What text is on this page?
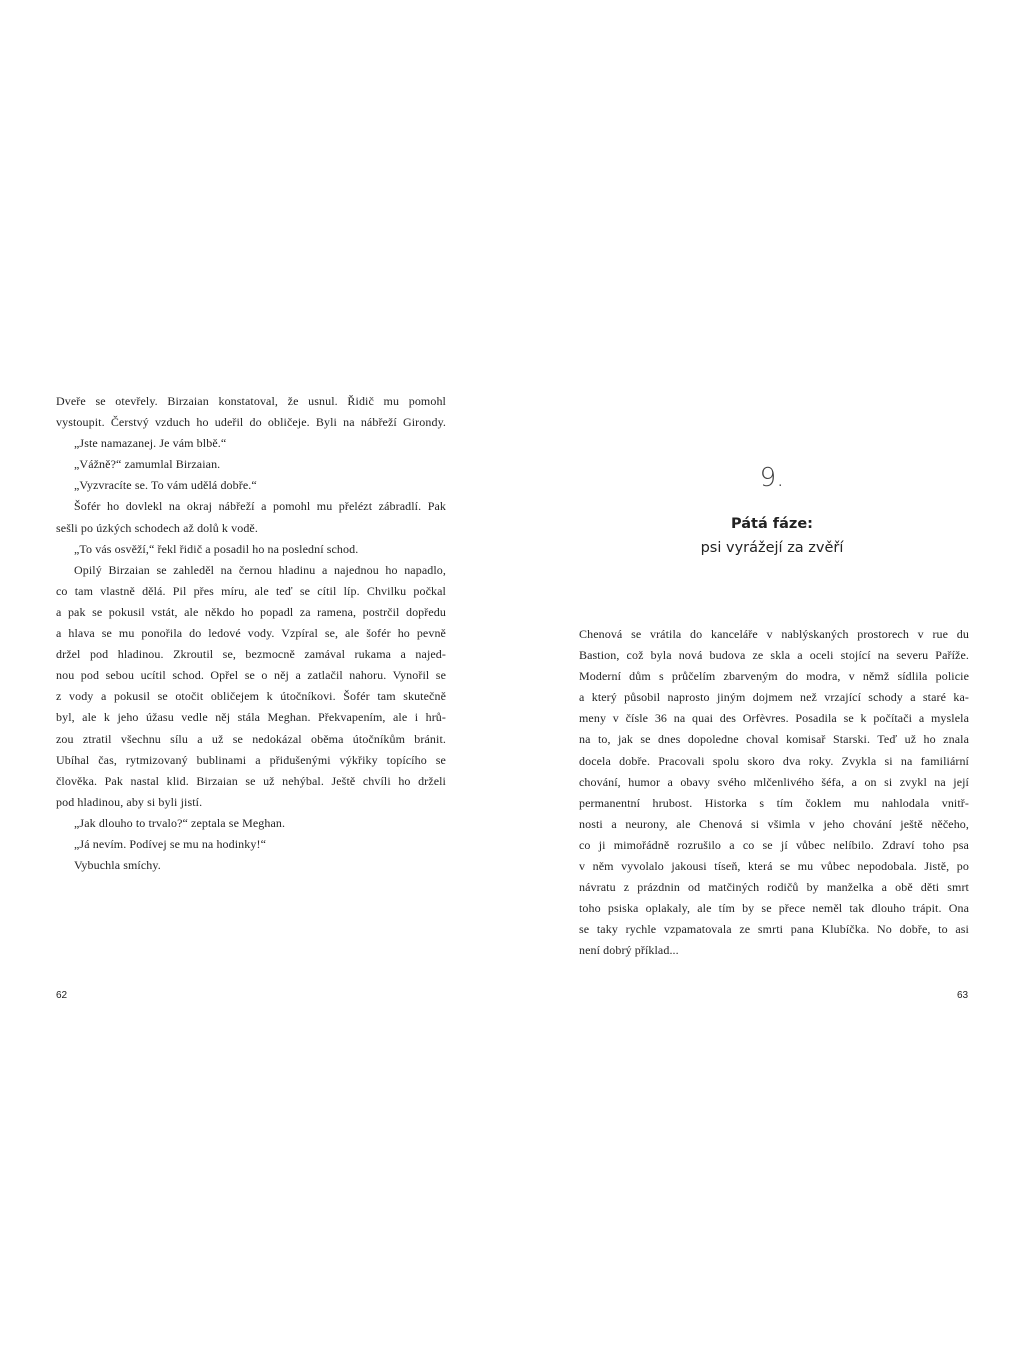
Dveře se otevřely. Birzaian konstatoval, že usnul. Řidič mu pomohl
vystoupit. Čerstvý vzduch ho udeřil do obličeje. Byli na nábřeží Girondy.
„Jste namazanej. Je vám blbě.“
„Vážně?“ zamumlal Birzaian.
„Vyzvracíte se. To vám udělá dobře.“
Šofér ho dovlekl na okraj nábřeží a pomohl mu přelézt zábradlí. Pak
sešli po úzkých schodech až dolů k vodě.
„To vás osvěží,“ řekl řidič a posadil ho na poslední schod.
Opilý Birzaian se zahleděl na černou hladinu a najednou ho napadlo,
co tam vlastně dělá. Pil přes míru, ale teď se cítil líp. Chvilku počkal
a pak se pokusil vstát, ale někdo ho popadl za ramena, postrčil dopředu
a hlava se mu ponořila do ledové vody. Vzpíral se, ale šofér ho pevně
držel pod hladinou. Zkroutil se, bezmocně zamával rukama a najed-
nou pod sebou ucítil schod. Opřel se o něj a zatlačil nahoru. Vynořil se
z vody a pokusil se otočit obličejem k útočníkovi. Šofér tam skutečně
byl, ale k jeho úžasu vedle něj stála Meghan. Překvapením, ale i hrů-
zou ztratil všechnu sílu a už se nedokázal oběma útočníkům bránit.
Ubíhal čas, rytmizovaný bublinami a přidušenými výkřiky topícího se
člověka. Pak nastal klid. Birzaian se už nehýbal. Ještě chvíli ho drželi
pod hladinou, aby si byli jistí.
„Jak dlouho to trvalo?“ zeptala se Meghan.
„Já nevím. Podívej se mu na hodinky!“
Vybuchla smíchy.
62
9.
Pátá fáze:
psi vyrážejí za zvěří
Chenová se vrátila do kanceláře v nablýskaných prostorech v rue du
Bastion, což byla nová budova ze skla a oceli stojící na severu Paříže.
Moderní dům s průčelím zbarveným do modra, v němž sídlila policie
a který působil naprosto jiným dojmem než vrzající schody a staré ka-
meny v čísle 36 na quai des Orfèvres. Posadila se k počítači a myslela
na to, jak se dnes dopoledne choval komisař Starski. Teď už ho znala
docela dobře. Pracovali spolu skoro dva roky. Zvykla si na familiární
chování, humor a obavy svého mlčenlivého šéfa, a on si zvykl na její
permanentní hrubost. Historka s tím čoklem mu nahlodala vnitř-
nosti a neurony, ale Chenová si všimla v jeho chování ještě něčeho,
co ji mimořádně rozrušilo a co se jí vůbec nelíbilo. Zdraví toho psa
v něm vyvolalo jakousi tíseň, která se mu vůbec nepodobala. Jistě, po
návratu z prázdnin od matčiných rodičů by manželka a obě děti smrt
toho psiska oplakaly, ale tím by se přece neměl tak dlouho trápit. Ona
se taky rychle vzpamatovala ze smrti pana Klubíčka. No dobře, to asi
není dobrý příklad...
63
